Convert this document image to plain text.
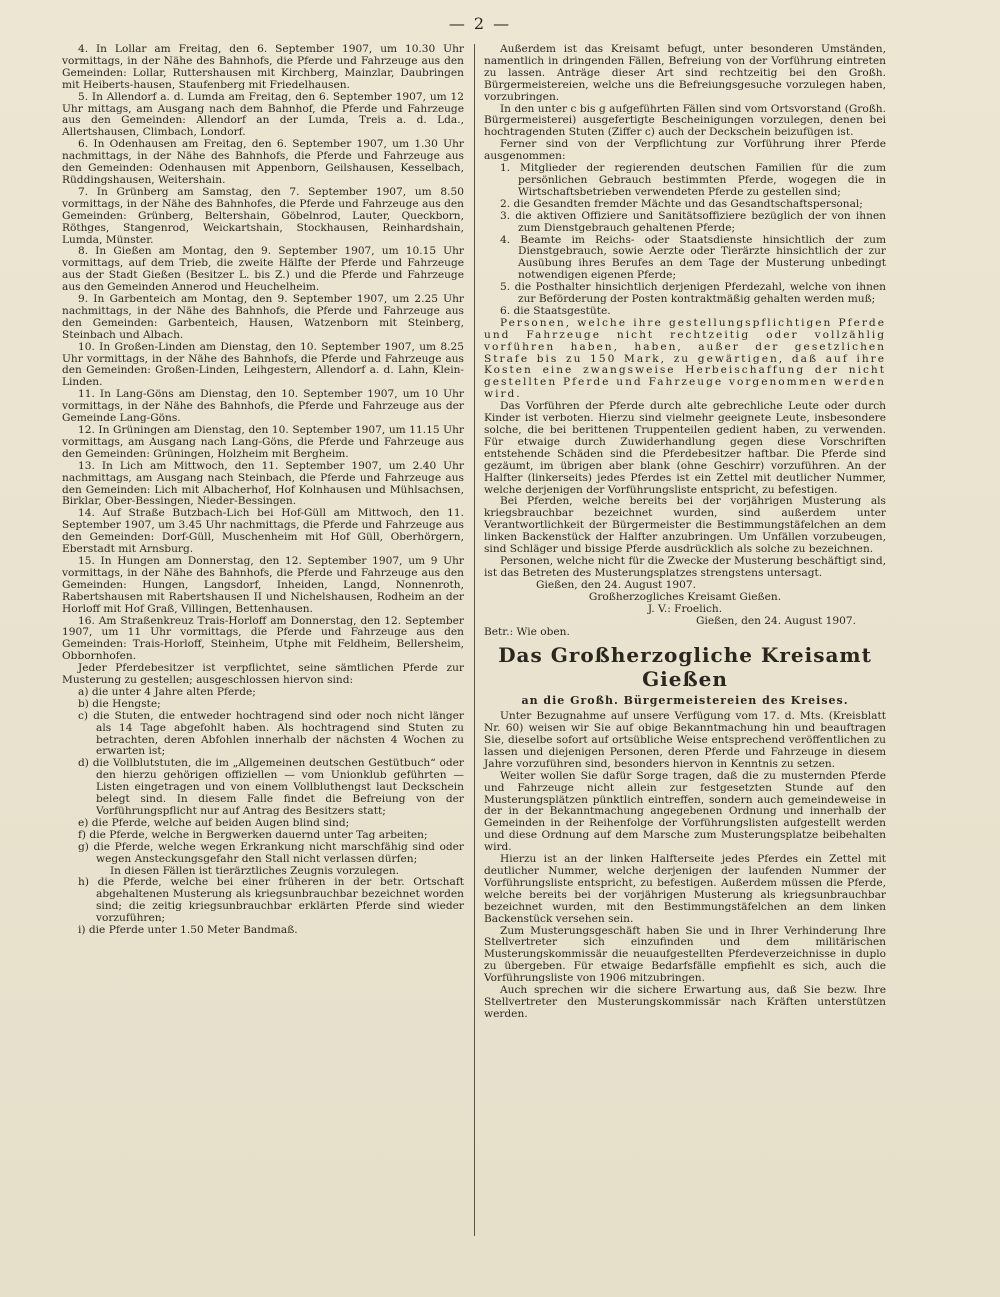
— 2 —

4. In Lollar am Freitag, den 6. September 1907, um 10.30 Uhr vormittags, in der Nähe des Bahnhofs, die Pferde und Fahrzeuge aus den Gemeinden: Lollar, Ruttershausen mit Kirchberg, Mainzlar, Daubringen mit Heiberts-hausen, Staufenberg mit Friedelhausen.

5. In Allendorf a. d. Lumda am Freitag, den 6. September 1907, um 12 Uhr mittags, am Ausgang nach dem Bahnhof, die Pferde und Fahrzeuge aus den Gemeinden: Allendorf an der Lumda, Treis a. d. Lda., Allertshausen, Climbach, Londorf.

6. In Odenhausen am Freitag, den 6. September 1907, um 1.30 Uhr nachmittags, in der Nähe des Bahnhofs, die Pferde und Fahrzeuge aus den Gemeinden: Odenhausen mit Appenborn, Geilshausen, Kesselbach, Rüddingshausen, Weitershain.

7. In Grünberg am Samstag, den 7. September 1907, um 8.50 vormittags, in der Nähe des Bahnhofes, die Pferde und Fahrzeuge aus den Gemeinden: Grünberg, Beltershain, Göbelnrod, Lauter, Queckborn, Röthges, Stangenrod, Weickartshain, Stockhausen, Reinhardshain, Lumda, Münster.

8. In Gießen am Montag, den 9. September 1907, um 10.15 Uhr vormittags, auf dem Trieb, die zweite Hälfte der Pferde und Fahrzeuge aus der Stadt Gießen (Besitzer L. bis Z.) und die Pferde und Fahrzeuge aus den Gemeinden Annerod und Heuchelheim.

9. In Garbenteich am Montag, den 9. September 1907, um 2.25 Uhr nachmittags, in der Nähe des Bahnhofs, die Pferde und Fahrzeuge aus den Gemeinden: Garbenteich, Hausen, Watzenborn mit Steinberg, Steinbach und Albach.

10. In Großen-Linden am Dienstag, den 10. September 1907, um 8.25 Uhr vormittags, in der Nähe des Bahnhofs, die Pferde und Fahrzeuge aus den Gemeinden: Großen-Linden, Leihgestern, Allendorf a. d. Lahn, Klein-Linden.

11. In Lang-Göns am Dienstag, den 10. September 1907, um 10 Uhr vormittags, in der Nähe des Bahnhofs, die Pferde und Fahrzeuge aus der Gemeinde Lang-Göns.

12. In Grüningen am Dienstag, den 10. September 1907, um 11.15 Uhr vormittags, am Ausgang nach Lang-Göns, die Pferde und Fahrzeuge aus den Gemeinden: Grüningen, Holzheim mit Bergheim.

13. In Lich am Mittwoch, den 11. September 1907, um 2.40 Uhr nachmittags, am Ausgang nach Steinbach, die Pferde und Fahrzeuge aus den Gemeinden: Lich mit Albacherhof, Hof Kolnhausen und Mühlsachsen, Birklar, Ober-Bessingen, Nieder-Bessingen.

14. Auf Straße Butzbach-Lich bei Hof-Güll am Mittwoch, den 11. September 1907, um 3.45 Uhr nachmittags, die Pferde und Fahrzeuge aus den Gemeinden: Dorf-Güll, Muschenheim mit Hof Güll, Oberhörgern, Eberstadt mit Arnsburg.

15. In Hungen am Donnerstag, den 12. September 1907, um 9 Uhr vormittags, in der Nähe des Bahnhofs, die Pferde und Fahrzeuge aus den Gemeinden: Hungen, Langsdorf, Inheiden, Langd, Nonnenroth, Rabertshausen mit Rabertshausen II und Nichelshausen, Rodheim an der Horloff mit Hof Graß, Villingen, Bettenhausen.

16. Am Straßenkreuz Trais-Horloff am Donnerstag, den 12. September 1907, um 11 Uhr vormittags, die Pferde und Fahrzeuge aus den Gemeinden: Trais-Horloff, Steinheim, Utphe mit Feldheim, Bellersheim, Obbornhofen.

Jeder Pferdebesitzer ist verpflichtet, seine sämtlichen Pferde zur Musterung zu gestellen; ausgeschlossen hiervon sind:

a) die unter 4 Jahre alten Pferde;
b) die Hengste;
c) die Stuten, die entweder hochtragend sind oder noch nicht länger als 14 Tage abgefohlt haben. Als hochtragend sind Stuten zu betrachten, deren Abfohlen innerhalb der nächsten 4 Wochen zu erwarten ist;
d) die Vollblutstuten, die im „Allgemeinen deutschen Gestütbuch“ oder den hierzu gehörigen offiziellen — vom Unionklub geführten — Listen eingetragen und von einem Vollbluthengst laut Deckschein belegt sind. In diesem Falle findet die Befreiung von der Vorführungspflicht nur auf Antrag des Besitzers statt;
e) die Pferde, welche auf beiden Augen blind sind;
f) die Pferde, welche in Bergwerken dauernd unter Tag arbeiten;
g) die Pferde, welche wegen Erkrankung nicht marschfähig sind oder wegen Ansteckungsgefahr den Stall nicht verlassen dürfen;
In diesen Fällen ist tierärztliches Zeugnis vorzulegen.
h) die Pferde, welche bei einer früheren in der betr. Ortschaft abgehaltenen Musterung als kriegsunbrauchbar bezeichnet worden sind; die zeitig kriegsunbrauchbar erklärten Pferde sind wieder vorzuführen;
i) die Pferde unter 1.50 Meter Bandmaß.

Außerdem ist das Kreisamt befugt, unter besonderen Umständen, namentlich in dringenden Fällen, Befreiung von der Vorführung eintreten zu lassen. Anträge dieser Art sind rechtzeitig bei den Großh. Bürgermeistereien, welche uns die Befreiungsgesuche vorzulegen haben, vorzubringen.

In den unter c bis g aufgeführten Fällen sind vom Ortsvorstand (Großh. Bürgermeisterei) ausgefertigte Bescheinigungen vorzulegen, denen bei hochtragenden Stuten (Ziffer c) auch der Deckschein beizufügen ist.

Ferner sind von der Verpflichtung zur Vorführung ihrer Pferde ausgenommen:

1. Mitglieder der regierenden deutschen Familien für die zum persönlichen Gebrauch bestimmten Pferde, wogegen die in Wirtschaftsbetrieben verwendeten Pferde zu gestellen sind;
2. die Gesandten fremder Mächte und das Gesandtschaftspersonal;
3. die aktiven Offiziere und Sanitätsoffiziere bezüglich der von ihnen zum Dienstgebrauch gehaltenen Pferde;
4. Beamte im Reichs- oder Staatsdienste hinsichtlich der zum Dienstgebrauch, sowie Aerzte oder Tierärzte hinsichtlich der zur Ausübung ihres Berufes an dem Tage der Musterung unbedingt notwendigen eigenen Pferde;
5. die Posthalter hinsichtlich derjenigen Pferdezahl, welche von ihnen zur Beförderung der Posten kontraktmäßig gehalten werden muß;
6. die Staatsgestüte.

Personen, welche ihre gestellungspflichtigen Pferde und Fahrzeuge nicht rechtzeitig oder vollzählig vorführen haben, haben, außer der gesetzlichen Strafe bis zu 150 Mark, zu gewärtigen, daß auf ihre Kosten eine zwangsweise Herbeischaffung der nicht gestellten Pferde und Fahrzeuge vorgenommen werden wird.

Das Vorführen der Pferde durch alte gebrechliche Leute oder durch Kinder ist verboten. Hierzu sind vielmehr geeignete Leute, insbesondere solche, die bei berittenen Truppenteilen gedient haben, zu verwenden. Für etwaige durch Zuwiderhandlung gegen diese Vorschriften entstehende Schäden sind die Pferdebesitzer haftbar. Die Pferde sind gezäumt, im übrigen aber blank (ohne Geschirr) vorzuführen. An der Halfter (linkerseits) jedes Pferdes ist ein Zettel mit deutlicher Nummer, welche derjenigen der Vorführungsliste entspricht, zu befestigen.

Bei Pferden, welche bereits bei der vorjährigen Musterung als kriegsbrauchbar bezeichnet wurden, sind außerdem unter Verantwortlichkeit der Bürgermeister die Bestimmungstäfelchen an dem linken Backenstück der Halfter anzubringen. Um Unfällen vorzubeugen, sind Schläger und bissige Pferde ausdrücklich als solche zu bezeichnen.

Personen, welche nicht für die Zwecke der Musterung beschäftigt sind, ist das Betreten des Musterungsplatzes strengstens untersagt.

Gießen, den 24. August 1907.

Großherzogliches Kreisamt Gießen.

J. V.: Froelich.

Gießen, den 24. August 1907.

Betr.: Wie oben.

Das Großherzogliche Kreisamt Gießen
an die Großh. Bürgermeistereien des Kreises.

Unter Bezugnahme auf unsere Verfügung vom 17. d. Mts. (Kreisblatt Nr. 60) weisen wir Sie auf obige Bekanntmachung hin und beauftragen Sie, dieselbe sofort auf ortsübliche Weise entsprechend veröffentlichen zu lassen und diejenigen Personen, deren Pferde und Fahrzeuge in diesem Jahre vorzuführen sind, besonders hiervon in Kenntnis zu setzen.

Weiter wollen Sie dafür Sorge tragen, daß die zu musternden Pferde und Fahrzeuge nicht allein zur festgesetzten Stunde auf den Musterungsplätzen pünktlich eintreffen, sondern auch gemeindeweise in der in der Bekanntmachung angegebenen Ordnung und innerhalb der Gemeinden in der Reihenfolge der Vorführungslisten aufgestellt werden und diese Ordnung auf dem Marsche zum Musterungsplatze beibehalten wird.

Hierzu ist an der linken Halfterseite jedes Pferdes ein Zettel mit deutlicher Nummer, welche derjenigen der laufenden Nummer der Vorführungsliste entspricht, zu befestigen. Außerdem müssen die Pferde, welche bereits bei der vorjährigen Musterung als kriegsunbrauchbar bezeichnet wurden, mit den Bestimmungstäfelchen an dem linken Backenstück versehen sein.

Zum Musterungsgeschäft haben Sie und in Ihrer Verhinderung Ihre Stellvertreter sich einzufinden und dem militärischen Musterungskommissär die neuaufgestellten Pferdeverzeichnisse in duplo zu übergeben. Für etwaige Bedarfsfälle empfiehlt es sich, auch die Vorführungsliste von 1906 mitzubringen.

Auch sprechen wir die sichere Erwartung aus, daß Sie bezw. Ihre Stellvertreter den Musterungskommissär nach Kräften unterstützen werden.
